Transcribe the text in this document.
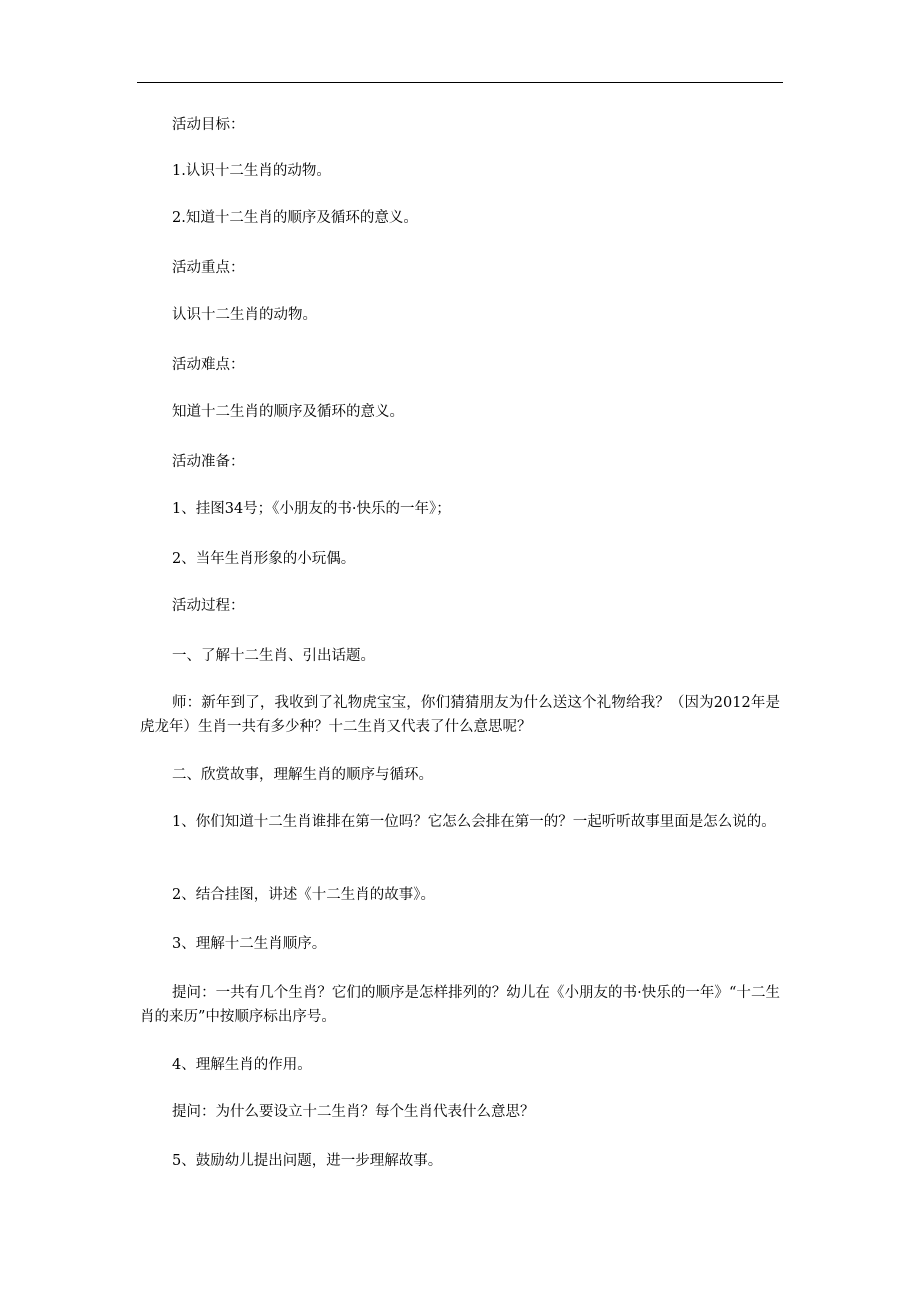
活动目标：

1.认识十二生肖的动物。

2.知道十二生肖的顺序及循环的意义。

活动重点：

认识十二生肖的动物。

活动难点：

知道十二生肖的顺序及循环的意义。

活动准备：

1、挂图34号；《小朋友的书·快乐的一年》；

2、当年生肖形象的小玩偶。

活动过程：

一、了解十二生肖、引出话题。

师：新年到了，我收到了礼物虎宝宝，你们猜猜朋友为什么送这个礼物给我？（因为2012年是虎龙年）生肖一共有多少种？十二生肖又代表了什么意思呢？

二、欣赏故事，理解生肖的顺序与循环。

1、你们知道十二生肖谁排在第一位吗？它怎么会排在第一的？一起听听故事里面是怎么说的。

2、结合挂图，讲述《十二生肖的故事》。

3、理解十二生肖顺序。

提问：一共有几个生肖？它们的顺序是怎样排列的？幼儿在《小朋友的书·快乐的一年》“十二生肖的来历”中按顺序标出序号。

4、理解生肖的作用。

提问：为什么要设立十二生肖？每个生肖代表什么意思？

5、鼓励幼儿提出问题，进一步理解故事。
